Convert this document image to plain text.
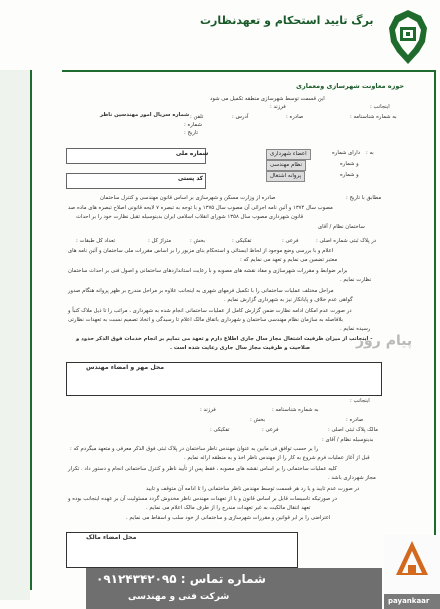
برگ تایید استحکام و تعهدنظارت
حوزه معاونت شهرسازی ومعماری
این قسمت توسط شهرسازی منطقه تکمیل می شود
اینجانب :
فرزند :
شماره سریال امور مهندسین ناظر	به شماره شناسنامه :
صادره :
آدرس :
تلفن :
شماره :
تاریخ :
شماره ملی
کد پستی
به :
اعضاء شهرداری	دارای شماره
نظام مهندسی	و شماره
پروانه اشتغال	و شماره
مطابق با تاریخ :
صادره از وزارت مسکن و شهرسازی بر اساس قانون مهندسی و کنترل ساختمان
مصوب سال ۱۳۷۴ و آئین نامه اجرائی آن مصوب سال ۱۳۷۵ و با توجه به تبصره ۷ لایحه قانونی اصلاح تبصره های ماده صد
قانون شهرداری مصوب سال ۱۳۵۸ شورای انقلاب اسلامی ایران بدینوسیله تقبل نظارت خود را بر احداث
ساختمان نظام / آقای
در پلاک ثبتی شماره اصلی :
فرعی :
تفکیکی :
بخش :
متراژ کل :
تعداد کل طبقات :
اعلام و با بررسی وضع موجود از لحاظ ایستائی و استحکام بنای مزبور را بر اساس مقررات ملی ساختمان و آئین نامه های
معتبر تضمین می نمایم و تعهد می نمایم که :
برابر ضوابط و مقررات شهرسازی و مفاد نقشه های مصوبه و با رعایت استانداردهای ساختمانی و اصول فنی بر احداث ساختمان
نظارت نمایم .
مراحل مختلف عملیات ساختمانی را با تکمیل فرمهای شهری به اینجانب علاوه بر مراحل مندرج بر ظهر پروانه هنگام صدور
گواهی عدم خلاف و پایانکار نیز به شهرداری گزارش نمایم .
در صورت عدم امکان ادامه نظارت ضمن گزارش کامل از عملیات ساختمانی انجام شده به شهرداری ، مراتب را تا ذیل ملاک کتباً و
بلافاصله به سازمان نظام مهندسی ساختمان و شهرداری باتفاق مالک اعلام تا رسیدگی و اتخاذ تصمیم نسبت به تعهدات نظارتی
رسیده نمایم .
- اینجانب از میزان ظرفیت اشتغال مجاز سال جاری اطلاع دارم و تعهد می نمایم بر انجام خدمات فوق الذکر حدود و
صلاحیت و ظرفیت مجاز سال جاری رعایت شده است .	پیام روز
محل مهر و امضاء مهندس
اینجانب :
به شماره شناسنامه :
فرزند :
صادره :
مالک پلاک ثبتی اصلی :
فرعی :
تفکیکی :
بخش :
بدینوسیله نظام / آقای :
را بر حسب توافق فی مابین به عنوان مهندس ناظر ساختمان در پلاک ثبتی فوق الذکر معرفی و متعهد میگردم که :
قبل از آغاز عملیات فرم شروع به کار را از مهندس ناظر اخذ و به منطقه ارائه نمایم .
کلیه عملیات ساختمانی را بر اساس نقشه های مصوبه ، فقط پس از تأیید ناظر و کنترل ساختمانی انجام و دستور داد . تکرار
مجاز شهرداری باشد .
در صورت عدم تایید و یا رد هر قسمت توسط مهندس ناظر ساختمانی را تا ادامه آن متوقف و تایید
در صورتیکه تاسیسات قابل بر اساس قانون و یا از تعهدات مهندس ناظر مخدوش گردد مسئولیت آن بر عهده اینجانب بوده و
تعهد انتقال مالکیت به غیر تعهدات مندرج را از طرف مالک اعلام می نمایم .
اعتراضی را بر ابر قوانین و مقررات شهرسازی و ساختمانی از خود سلب و اسقاط می نمایم .
محل امضاء مالک
شماره تماس : ۰۹۱۲۴۳۴۲۰۹۵
شرکت فنی و مهندسی	payankaar
